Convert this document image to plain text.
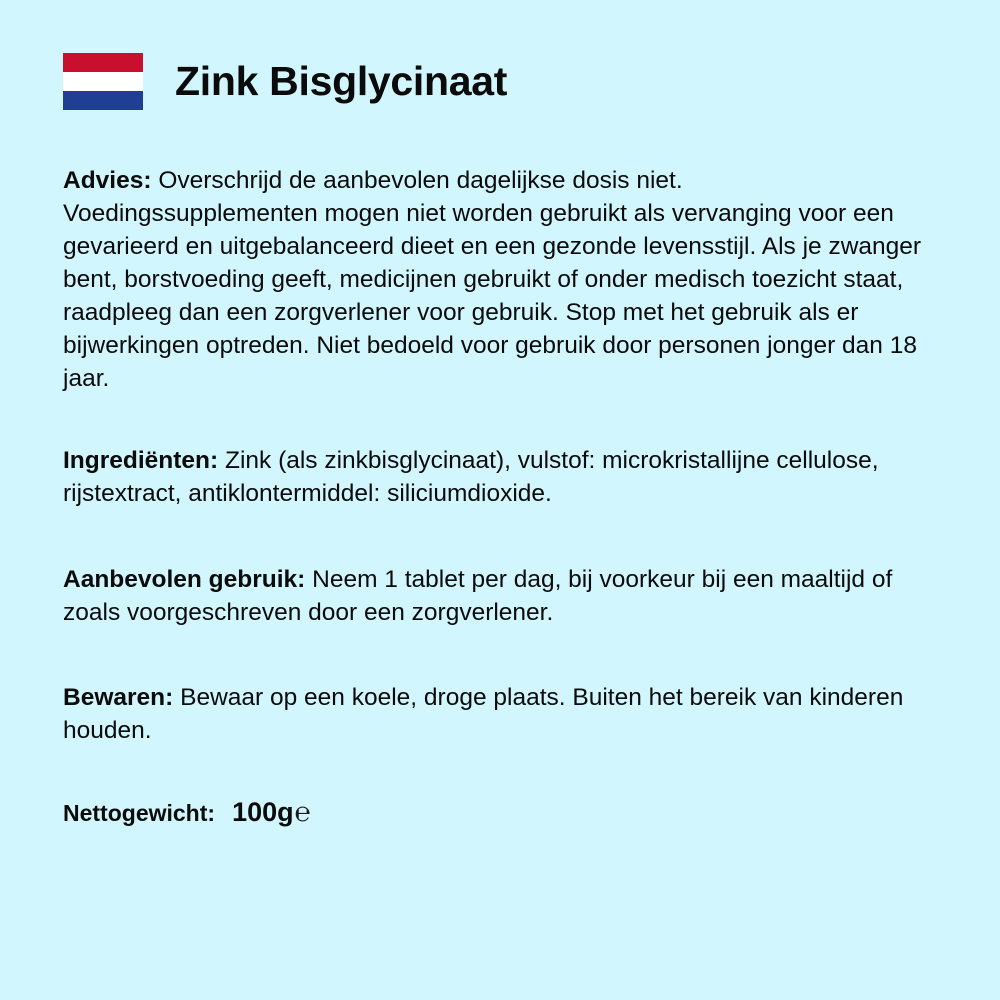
Zink Bisglycinaat

Advies: Overschrijd de aanbevolen dagelijkse dosis niet. Voedingssupplementen mogen niet worden gebruikt als vervanging voor een gevarieerd en uitgebalanceerd dieet en een gezonde levensstijl. Als je zwanger bent, borstvoeding geeft, medicijnen gebruikt of onder medisch toezicht staat, raadpleeg dan een zorgverlener voor gebruik. Stop met het gebruik als er bijwerkingen optreden. Niet bedoeld voor gebruik door personen jonger dan 18 jaar.

Ingrediënten: Zink (als zinkbisglycinaat), vulstof: microkristallijne cellulose, rijstextract, antiklontermiddel: siliciumdioxide.

Aanbevolen gebruik: Neem 1 tablet per dag, bij voorkeur bij een maaltijd of zoals voorgeschreven door een zorgverlener.

Bewaren: Bewaar op een koele, droge plaats. Buiten het bereik van kinderen houden.

Nettogewicht: 100g ℮
